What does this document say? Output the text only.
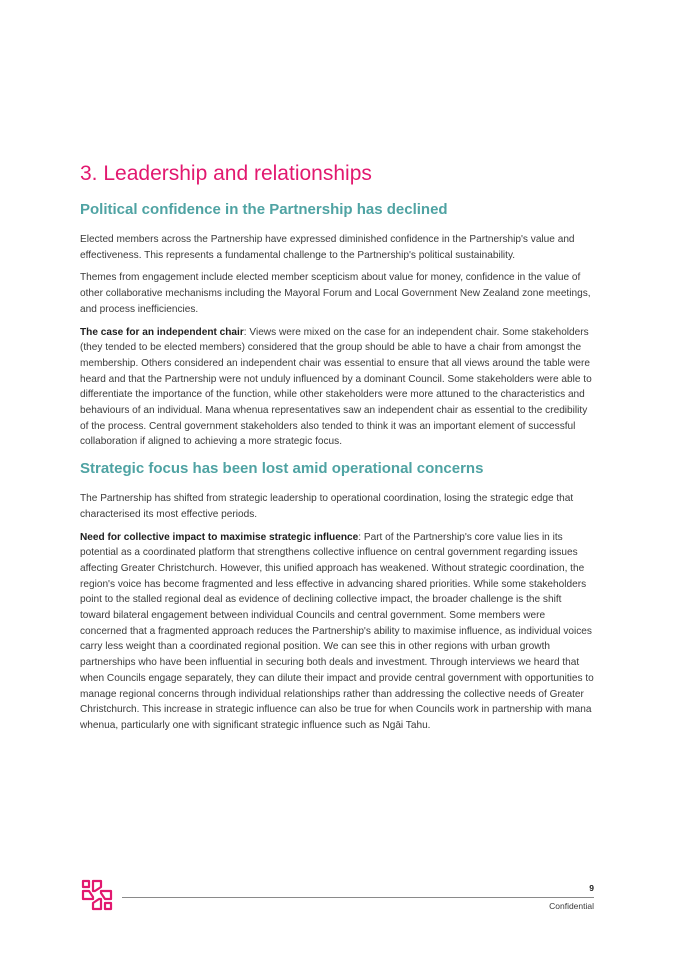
3. Leadership and relationships
Political confidence in the Partnership has declined

Elected members across the Partnership have expressed diminished confidence in the Partnership's value and effectiveness. This represents a fundamental challenge to the Partnership's political sustainability.

Themes from engagement include elected member scepticism about value for money, confidence in the value of other collaborative mechanisms including the Mayoral Forum and Local Government New Zealand zone meetings, and process inefficiencies.

The case for an independent chair: Views were mixed on the case for an independent chair. Some stakeholders (they tended to be elected members) considered that the group should be able to have a chair from amongst the membership. Others considered an independent chair was essential to ensure that all views around the table were heard and that the Partnership were not unduly influenced by a dominant Council. Some stakeholders were able to differentiate the importance of the function, while other stakeholders were more attuned to the characteristics and behaviours of an individual. Mana whenua representatives saw an independent chair as essential to the credibility of the process. Central government stakeholders also tended to think it was an important element of successful collaboration if aligned to achieving a more strategic focus.

Strategic focus has been lost amid operational concerns

The Partnership has shifted from strategic leadership to operational coordination, losing the strategic edge that characterised its most effective periods.

Need for collective impact to maximise strategic influence: Part of the Partnership's core value lies in its potential as a coordinated platform that strengthens collective influence on central government regarding issues affecting Greater Christchurch. However, this unified approach has weakened. Without strategic coordination, the region's voice has become fragmented and less effective in advancing shared priorities. While some stakeholders point to the stalled regional deal as evidence of declining collective impact, the broader challenge is the shift toward bilateral engagement between individual Councils and central government. Some members were concerned that a fragmented approach reduces the Partnership's ability to maximise influence, as individual voices carry less weight than a coordinated regional position. We can see this in other regions with urban growth partnerships who have been influential in securing both deals and investment. Through interviews we heard that when Councils engage separately, they can dilute their impact and provide central government with opportunities to manage regional concerns through individual relationships rather than addressing the collective needs of Greater Christchurch. This increase in strategic influence can also be true for when Councils work in partnership with mana whenua, particularly one with significant strategic influence such as Ngāi Tahu.

9
Confidential
